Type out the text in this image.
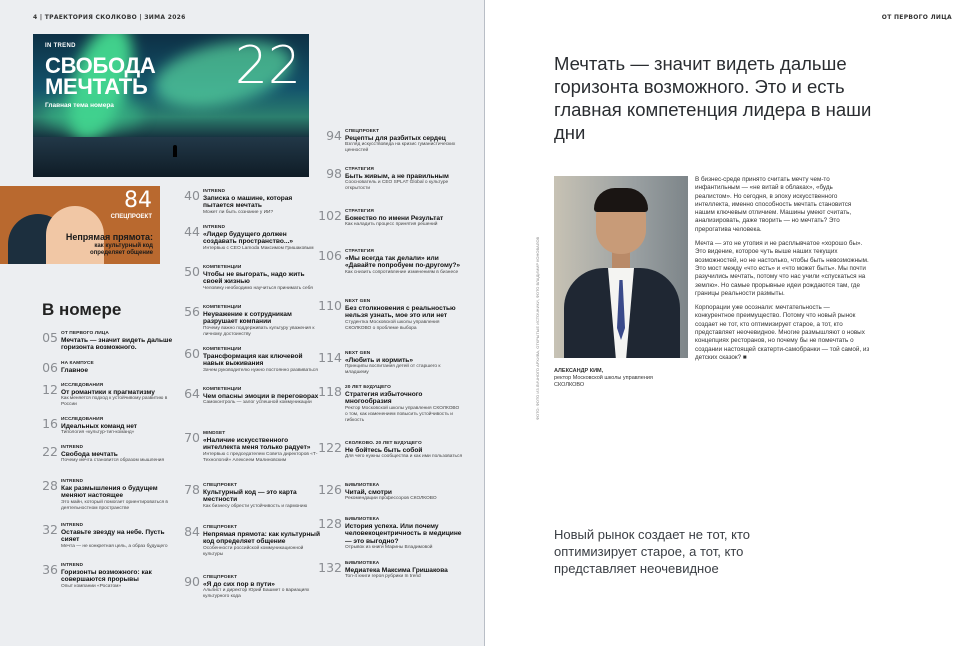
4 | ТРАЕКТОРИЯ СКОЛКОВО | ЗИМА 2026
IN TREND
СВОБОДА
МЕЧТАТЬ
Главная тема номера
22
84
СПЕЦПРОЕКТ
Непрямая прямота:
как культурный код
определяет общение
В номере
05 ОТ ПЕРВОГО ЛИЦА
Мечтать — значит видеть дальше горизонта возможного.
06 НА КАМПУСЕ
Главное
12 ИССЛЕДОВАНИЯ
От романтики к прагматизму
Как меняется подход к устойчивому развитию в России
16 ИССЛЕДОВАНИЯ
Идеальных команд нет
Типология «культур-тип-команд»
22 INTREND
Свобода мечтать
Почему мечта становится образом мышления
28 INTREND
Как размышления о будущем меняют настоящее
Это майн, который помогает ориентироваться в деятельностном пространстве
32 INTREND
Оставьте звезду на небе. Пусть сияет
Мечта — не конкретная цель, а образ будущего
36 INTREND
Горизонты возможного: как совершаются прорывы
Опыт компании «Росатом»
40 INTREND
Записка о машине, которая пытается мечтать
Может ли быть сознание у ИИ?
44 INTREND
«Лидер будущего должен создавать пространство...»
Интервью с CEO Lamoda Максимом Гришаковым
50 КОМПЕТЕНЦИИ
Чтобы не выгорать, надо жить своей жизнью
Человеку необходимо научиться принимать себя
56 КОМПЕТЕНЦИИ
Неуважение к сотрудникам разрушает компании
Почему важно поддерживать культуру уважения к личному достоинству
60 КОМПЕТЕНЦИИ
Трансформация как ключевой навык выживания
Зачем руководителю нужно постоянно развиваться
64 КОМПЕТЕНЦИИ
Чем опасны эмоции в переговорах
Самоконтроль — залог успешной коммуникации
70 MINDSET
«Наличие искусственного интеллекта меня только радует»
Интервью с председателем Совета директоров «Т-Технологий» Алексеем Малиновским
78 СПЕЦПРОЕКТ
Культурный код — это карта местности
Как бизнесу обрести устойчивость и гармонию
84 СПЕЦПРОЕКТ
Непрямая прямота: как культурный код определяет общение
Особенности российской коммуникационной культуры
90 СПЕЦПРОЕКТ
«Я до сих пор в пути»
Альпист и директор Юрий Башмет о вариациях культурного кода
94 СПЕЦПРОЕКТ
Рецепты для разбитых сердец
Взгляд искусствоведа на кризис гуманистических ценностей
98 СТРАТЕГИЯ
Быть живым, а не правильным
Сооснователь и CEO SPLAT Global о культуре открытости
102 СТРАТЕГИЯ
Божество по имени Результат
Как наладить процесс принятия решений
106 СТРАТЕГИЯ
«Мы всегда так делали» или «Давайте попробуем по-другому?»
Как снизить сопротивление изменениям в бизнесе
110 NEXT GEN
Без столкновения с реальностью нельзя узнать, мое это или нет
Студентка Московской школы управления СКОЛКОВО о проблеме выбора
114 NEXT GEN
«Любить и кормить»
Принципы воспитания детей от старшего к младшему
118 20 ЛЕТ БУДУЩЕГО
Стратегия избыточного многообразия
Ректор Московской школы управления СКОЛКОВО о том, как изменением повысить устойчивость и гибкость
122 СКОЛКОВО. 20 ЛЕТ БУДУЩЕГО
Не бойтесь быть собой
Для чего нужны сообщества и как ими пользоваться
126 БИБЛИОТЕКА
Читай, смотри
Рекомендации профессоров СКОЛКОВО
128 БИБЛИОТЕКА
История успеха. Или почему человекоцентричность в медицине — это выгодно?
Отрывок из книги Марины Владимовой
132 БИБЛИОТЕКА
Медиатека Максима Гришакова
Топ-4 книги героя рубрики In trend
ОТ ПЕРВОГО ЛИЦА
Мечтать — значит видеть дальше горизонта возможного. Это и есть главная компетенция лидера в наши дни
ФОТО: ФОТО ИЗ ЛИЧНОГО АРХИВА, ОТКРЫТЫЕ ИСТОЧНИКИ, ФОТО ВЛАДИМИР КОНОВАЛОВ	АЛЕКСАНДР КИМ,
ректор Московской школы управления СКОЛКОВО

В бизнес-среде принято считать мечту чем-то инфантильным — «не витай в облаках», «будь реалистом». Но сегодня, в эпоху искусственного интеллекта, именно способность мечтать становится нашим ключевым отличием. Машины умеют считать, анализировать, даже творить — но мечтать? Это прерогатива человека.

Мечта — это не утопия и не расплывчатое «хорошо бы». Это видение, которое чуть выше наших текущих возможностей, но не настолько, чтобы быть невозможным. Это мост между «что есть» и «что может быть». Мы почти разучились мечтать, потому что нас учили «спускаться на землю». Но самые прорывные идеи рождаются там, где границы реальности размыты.

Корпорации уже осознали: мечтательность — конкурентное преимущество. Потому что новый рынок создает не тот, кто оптимизирует старое, а тот, кто представляет неочевидное. Многие размышляют о новых концепциях ресторанов, но почему бы не помечтать о создании настоящей скатерти-самобранки — той самой, из детских сказок? ■

Новый рынок создает не тот, кто оптимизирует старое, а тот, кто представляет неочевидное
